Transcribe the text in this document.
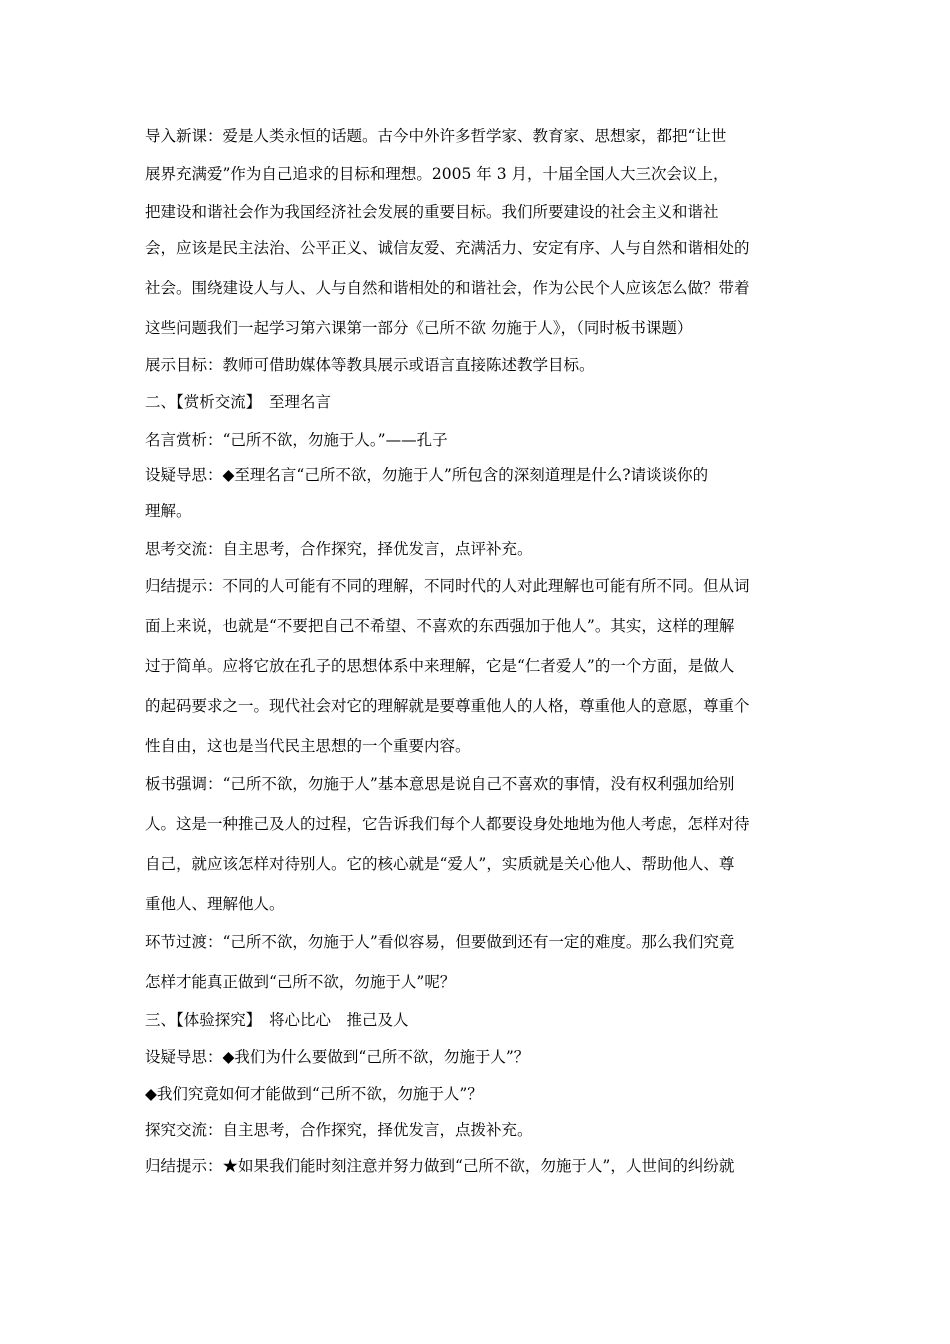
导入新课：爱是人类永恒的话题。古今中外许多哲学家、教育家、思想家，都把“让世

展界充满爱”作为自己追求的目标和理想。2005 年 3 月，十届全国人大三次会议上，

把建设和谐社会作为我国经济社会发展的重要目标。我们所要建设的社会主义和谐社

会，应该是民主法治、公平正义、诚信友爱、充满活力、安定有序、人与自然和谐相处的

社会。围绕建设人与人、人与自然和谐相处的和谐社会，作为公民个人应该怎么做？带着

这些问题我们一起学习第六课第一部分《己所不欲 勿施于人》，（同时板书课题）

展示目标：教师可借助媒体等教具展示或语言直接陈述教学目标。

二、【赏析交流】　至理名言

名言赏析：“己所不欲，勿施于人。”——孔子

设疑导思：◆至理名言“己所不欲，勿施于人”所包含的深刻道理是什么?请谈谈你的

理解。

思考交流：自主思考，合作探究，择优发言，点评补充。

归结提示：不同的人可能有不同的理解，不同时代的人对此理解也可能有所不同。但从词

面上来说，也就是“不要把自己不希望、不喜欢的东西强加于他人”。其实，这样的理解

过于简单。应将它放在孔子的思想体系中来理解，它是“仁者爱人”的一个方面，是做人

的起码要求之一。现代社会对它的理解就是要尊重他人的人格，尊重他人的意愿，尊重个

性自由，这也是当代民主思想的一个重要内容。

板书强调：“己所不欲，勿施于人”基本意思是说自己不喜欢的事情，没有权利强加给别

人。这是一种推己及人的过程，它告诉我们每个人都要设身处地地为他人考虑，怎样对待

自己，就应该怎样对待别人。它的核心就是“爱人”，实质就是关心他人、帮助他人、尊

重他人、理解他人。

环节过渡：“己所不欲，勿施于人”看似容易，但要做到还有一定的难度。那么我们究竟

怎样才能真正做到“己所不欲，勿施于人”呢？

三、【体验探究】　将心比心　推己及人

设疑导思：◆我们为什么要做到“己所不欲，勿施于人”？

◆我们究竟如何才能做到“己所不欲，勿施于人”？

探究交流：自主思考，合作探究，择优发言，点拨补充。

归结提示：★如果我们能时刻注意并努力做到“己所不欲，勿施于人”，人世间的纠纷就
